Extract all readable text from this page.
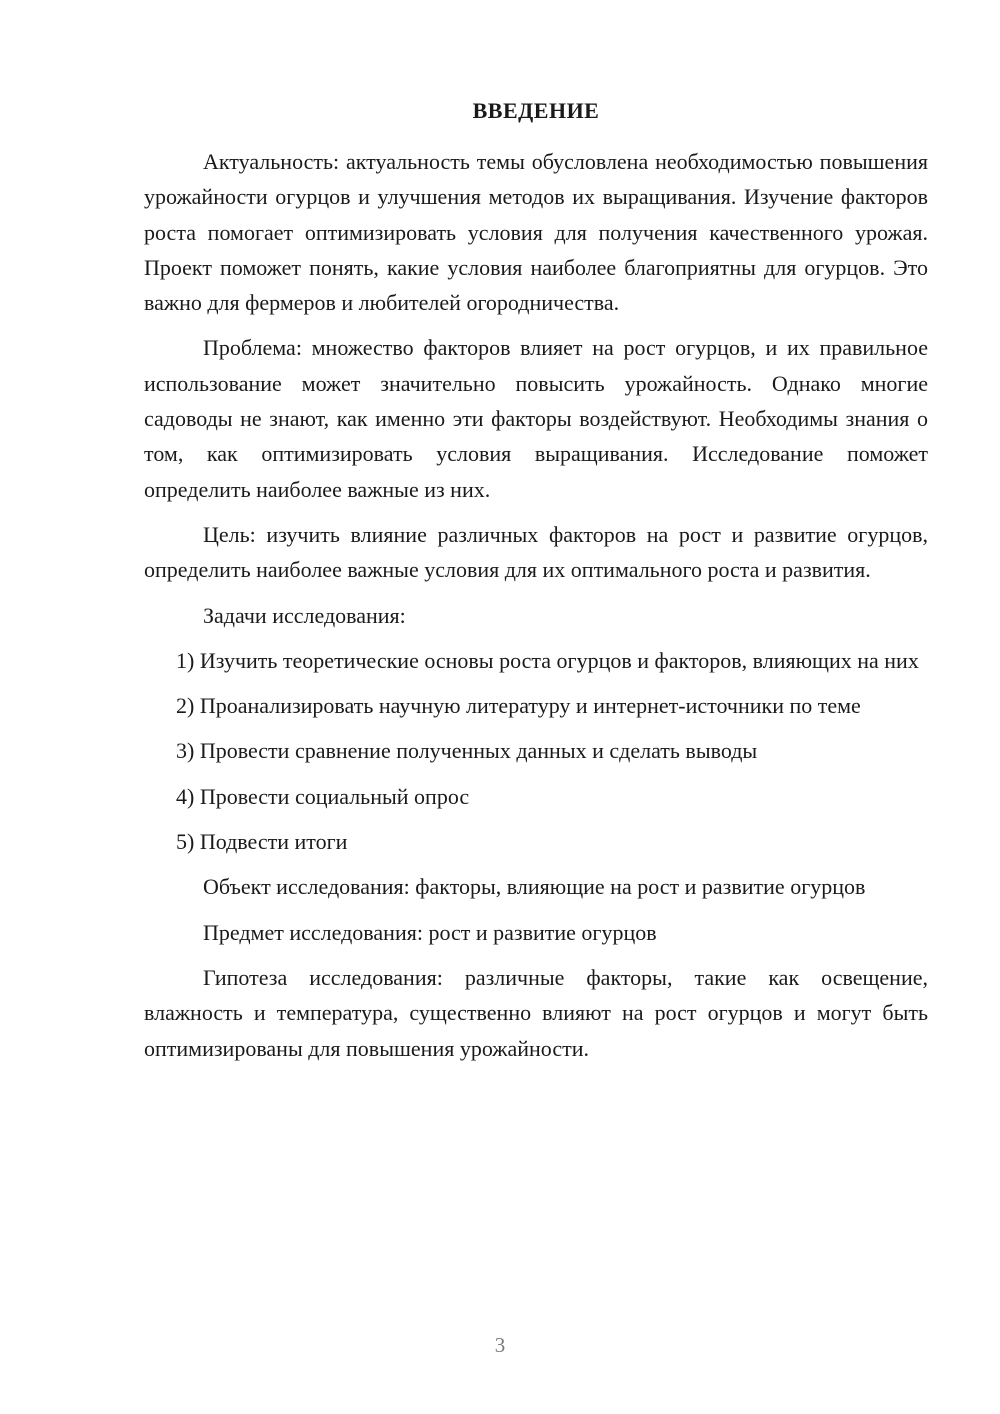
ВВЕДЕНИЕ

Актуальность: актуальность темы обусловлена необходимостью повышения урожайности огурцов и улучшения методов их выращивания. Изучение факторов роста помогает оптимизировать условия для получения качественного урожая. Проект поможет понять, какие условия наиболее благоприятны для огурцов. Это важно для фермеров и любителей огородничества.

Проблема: множество факторов влияет на рост огурцов, и их правильное использование может значительно повысить урожайность. Однако многие садоводы не знают, как именно эти факторы воздействуют. Необходимы знания о том, как оптимизировать условия выращивания. Исследование поможет определить наиболее важные из них.

Цель: изучить влияние различных факторов на рост и развитие огурцов, определить наиболее важные условия для их оптимального роста и развития.

Задачи исследования:

1) Изучить теоретические основы роста огурцов и факторов, влияющих на них

2) Проанализировать научную литературу и интернет-источники по теме

3) Провести сравнение полученных данных и сделать выводы

4) Провести социальный опрос

5) Подвести итоги

Объект исследования: факторы, влияющие на рост и развитие огурцов

Предмет исследования: рост и развитие огурцов

Гипотеза исследования: различные факторы, такие как освещение, влажность и температура, существенно влияют на рост огурцов и могут быть оптимизированы для повышения урожайности.

3
